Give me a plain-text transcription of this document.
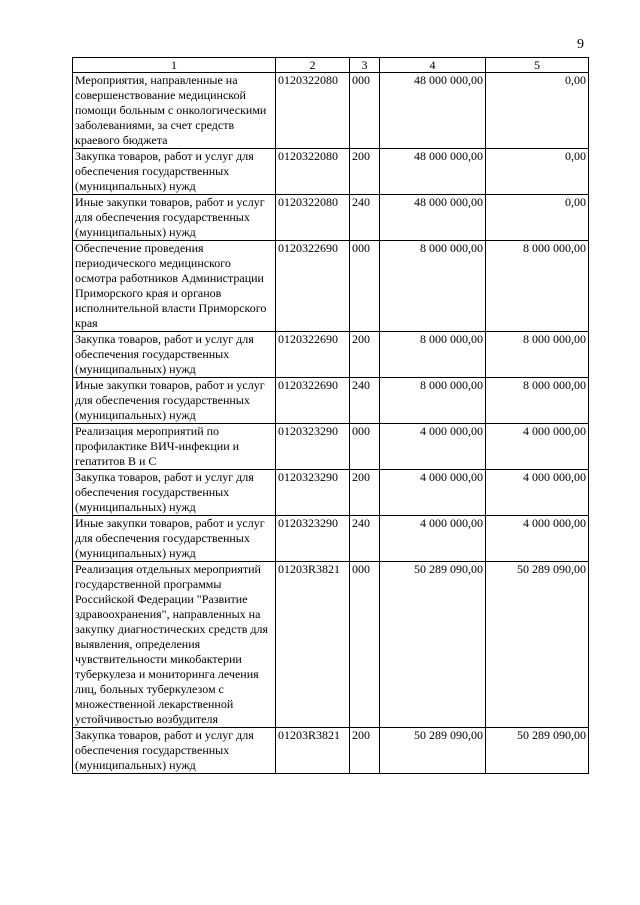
9
1	2	3	4	5
Мероприятия, направленные на совершенствование медицинской помощи больным с онкологическими заболеваниями, за счет средств краевого бюджета	0120322080	000	48 000 000,00	0,00
Закупка товаров, работ и услуг для обеспечения государственных (муниципальных) нужд	0120322080	200	48 000 000,00	0,00
Иные закупки товаров, работ и услуг для обеспечения государственных (муниципальных) нужд	0120322080	240	48 000 000,00	0,00
Обеспечение проведения периодического медицинского осмотра работников Администрации Приморского края и органов исполнительной власти Приморского края	0120322690	000	8 000 000,00	8 000 000,00
Закупка товаров, работ и услуг для обеспечения государственных (муниципальных) нужд	0120322690	200	8 000 000,00	8 000 000,00
Иные закупки товаров, работ и услуг для обеспечения государственных (муниципальных) нужд	0120322690	240	8 000 000,00	8 000 000,00
Реализация мероприятий по профилактике ВИЧ-инфекции и гепатитов В и С	0120323290	000	4 000 000,00	4 000 000,00
Закупка товаров, работ и услуг для обеспечения государственных (муниципальных) нужд	0120323290	200	4 000 000,00	4 000 000,00
Иные закупки товаров, работ и услуг для обеспечения государственных (муниципальных) нужд	0120323290	240	4 000 000,00	4 000 000,00
Реализация отдельных мероприятий государственной программы Российской Федерации "Развитие здравоохранения", направленных на закупку диагностических средств для выявления, определения чувствительности микобактерии туберкулеза и мониторинга лечения лиц, больных туберкулезом с множественной лекарственной устойчивостью возбудителя	01203R3821	000	50 289 090,00	50 289 090,00
Закупка товаров, работ и услуг для обеспечения государственных (муниципальных) нужд	01203R3821	200	50 289 090,00	50 289 090,00
